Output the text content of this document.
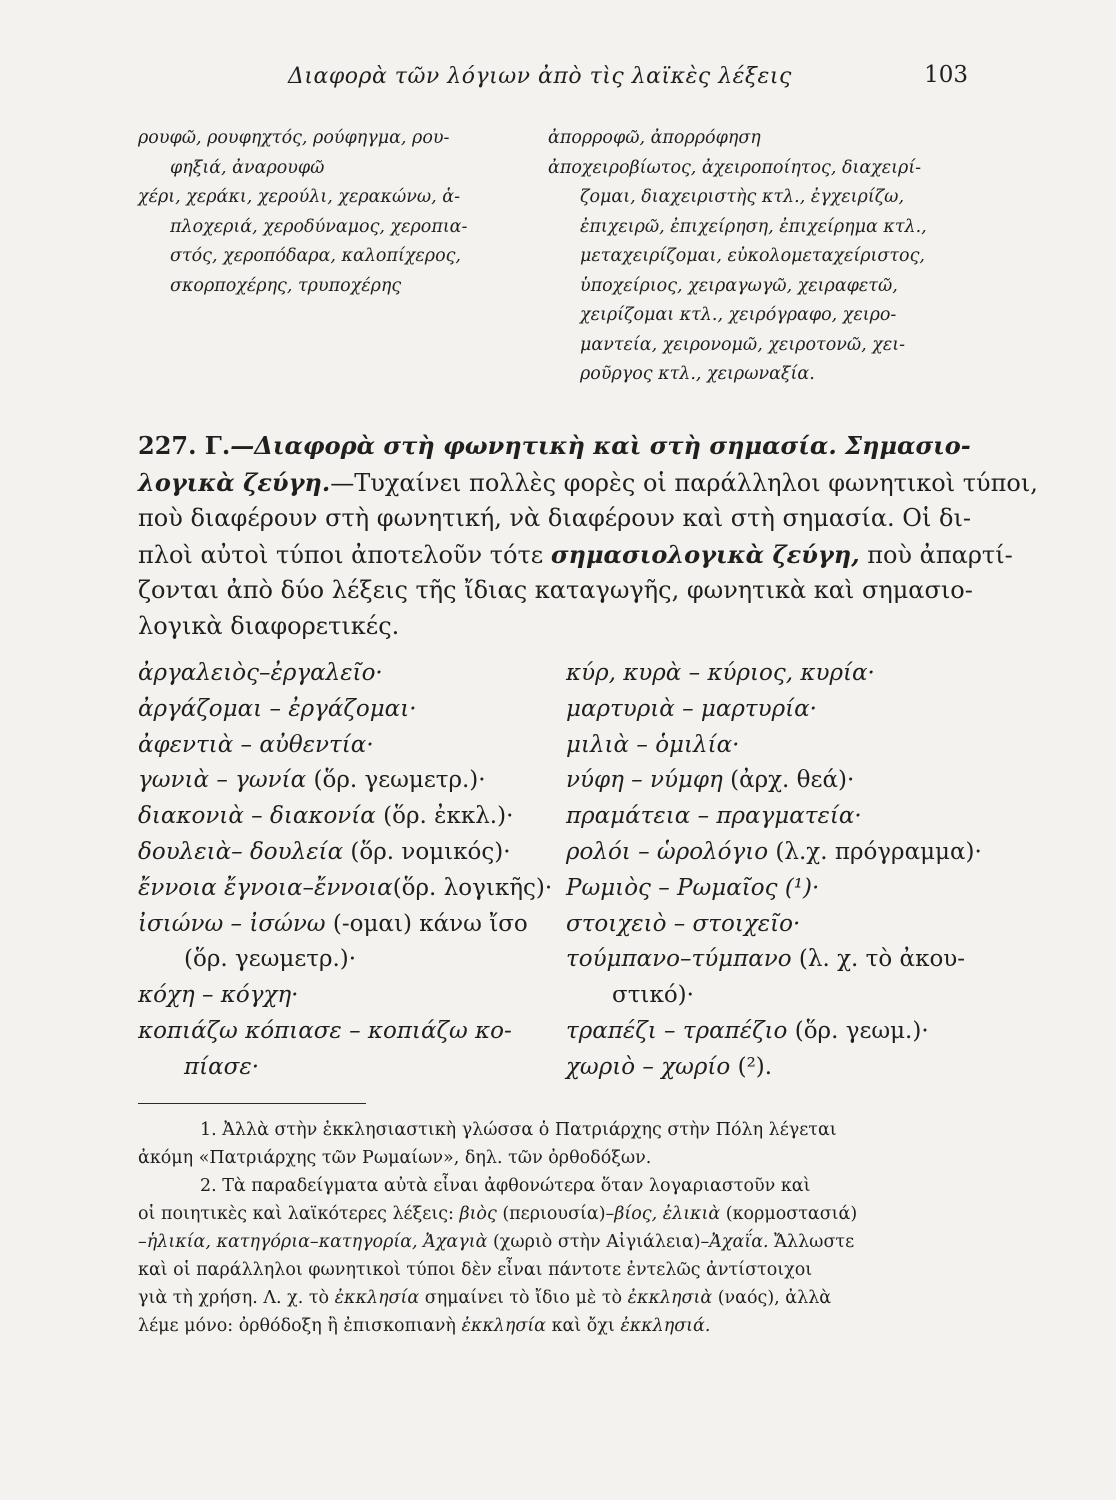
Διαφορὰ τῶν λόγιων ἀπὸ τὶς λαϊκὲς λέξεις	103
ρουφῶ, ρουφηχτός, ρούφηγμα, ρου-
φηξιά, ἀναρουφῶ
χέρι, χεράκι, χερούλι, χερακώνω, ἁ-
πλοχεριά, χεροδύναμος, χεροπια-
στός, χεροπόδαρα, καλοπίχερος,
σκορποχέρης, τρυποχέρης
ἀπορροφῶ, ἀπορρόφηση
ἀποχειροβίωτος, ἀχειροποίητος, διαχειρί-
ζομαι, διαχειριστὴς κτλ., ἐγχειρίζω,
ἐπιχειρῶ, ἐπιχείρηση, ἐπιχείρημα κτλ.,
μεταχειρίζομαι, εὐκολομεταχείριστος,
ὑποχείριος, χειραγωγῶ, χειραφετῶ,
χειρίζομαι κτλ., χειρόγραφο, χειρο-
μαντεία, χειρονομῶ, χειροτονῶ, χει-
ροῦργος κτλ., χειρωναξία.
227. Γ.—Διαφορὰ στὴ φωνητικὴ καὶ στὴ σημασία. Σημασιο-
λογικὰ ζεύγη.—Τυχαίνει πολλὲς φορὲς οἱ παράλληλοι φωνητικοὶ τύποι,
ποὺ διαφέρουν στὴ φωνητική, νὰ διαφέρουν καὶ στὴ σημασία. Οἱ δι-
πλοὶ αὐτοὶ τύποι ἀποτελοῦν τότε σημασιολογικὰ ζεύγη, ποὺ ἀπαρτί-
ζονται ἀπὸ δύο λέξεις τῆς ἴδιας καταγωγῆς, φωνητικὰ καὶ σημασιο-
λογικὰ διαφορετικές.
ἀργαλειὸς–ἐργαλεῖο·
ἀργάζομαι – ἐργάζομαι·
ἀφεντιὰ – αὐθεντία·
γωνιὰ – γωνία (ὅρ. γεωμετρ.)·
διακονιὰ – διακονία (ὅρ. ἐκκλ.)·
δουλειὰ– δουλεία (ὅρ. νομικός)·
ἔννοια ἔγνοια–ἔννοια(ὅρ. λογικῆς)·
ἰσιώνω – ἰσώνω (-ομαι) κάνω ἴσο
(ὅρ. γεωμετρ.)·
κόχη – κόγχη·
κοπιάζω κόπιασε – κοπιάζω κο-
πίασε·
κύρ, κυρὰ – κύριος, κυρία·
μαρτυριὰ – μαρτυρία·
μιλιὰ – ὁμιλία·
νύφη – νύμφη (ἀρχ. θεά)·
πραμάτεια – πραγματεία·
ρολόι – ὡρολόγιο (λ.χ. πρόγραμμα)·
Ρωμιὸς – Ρωμαῖος (¹)·
στοιχειὸ – στοιχεῖο·
τούμπανο–τύμπανο (λ. χ. τὸ ἀκου-
στικό)·
τραπέζι – τραπέζιο (ὅρ. γεωμ.)·
χωριὸ – χωρίο (²).
1. Ἀλλὰ στὴν ἐκκλησιαστικὴ γλώσσα ὁ Πατριάρχης στὴν Πόλη λέγεται
ἀκόμη «Πατριάρχης τῶν Ρωμαίων», δηλ. τῶν ὀρθοδόξων.
2. Τὰ παραδείγματα αὐτὰ εἶναι ἀφθονώτερα ὅταν λογαριαστοῦν καὶ
οἱ ποιητικὲς καὶ λαϊκότερες λέξεις: βιὸς (περιουσία)–βίος, ἐλικιὰ (κορμοστασιά)
–ἡλικία, κατηγόρια–κατηγορία, Ἀχαγιὰ (χωριὸ στὴν Αἰγιάλεια)–Ἀχαΐα. Ἄλλωστε
καὶ οἱ παράλληλοι φωνητικοὶ τύποι δὲν εἶναι πάντοτε ἐντελῶς ἀντίστοιχοι
γιὰ τὴ χρήση. Λ. χ. τὸ ἐκκλησία σημαίνει τὸ ἴδιο μὲ τὸ ἐκκλησιὰ (ναός), ἀλλὰ
λέμε μόνο: ὀρθόδοξη ἢ ἐπισκοπιανὴ ἐκκλησία καὶ ὄχι ἐκκλησιά.
